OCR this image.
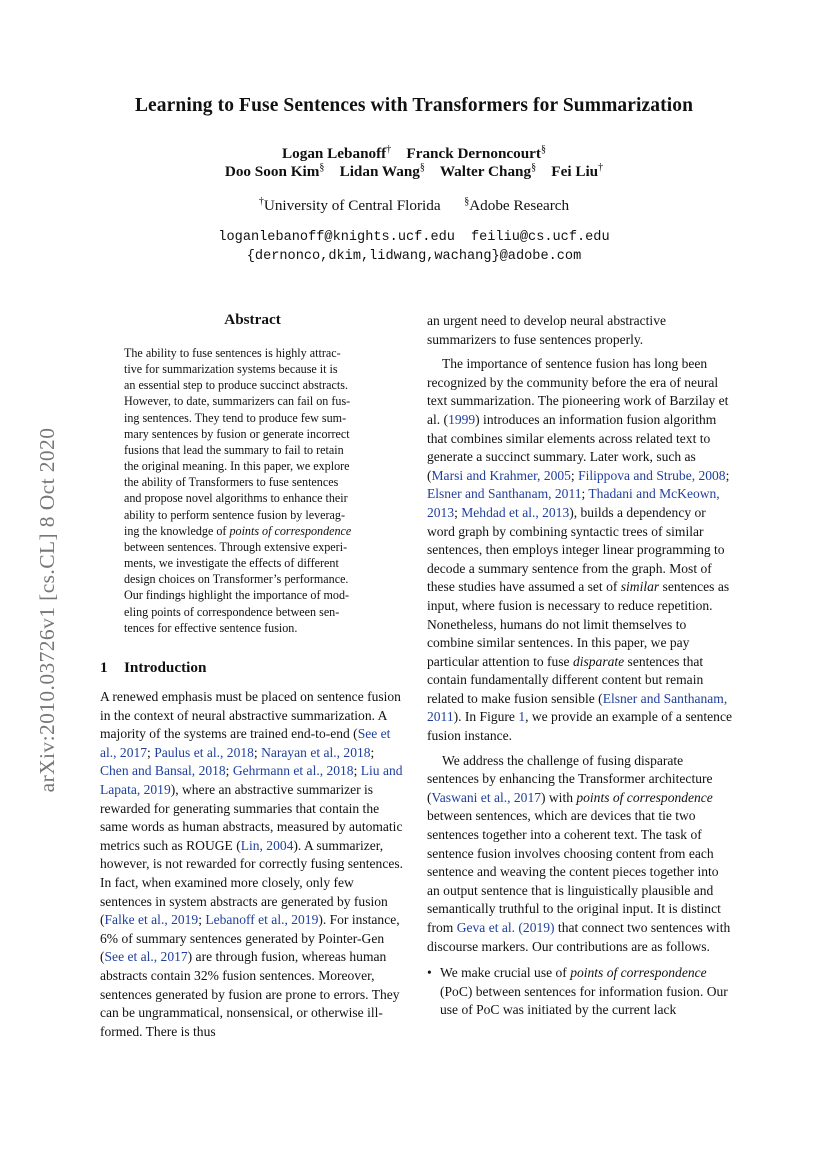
arXiv:2010.03726v1 [cs.CL] 8 Oct 2020
Learning to Fuse Sentences with Transformers for Summarization
Logan Lebanoff† Franck Dernoncourt§
Doo Soon Kim§ Lidan Wang§ Walter Chang§ Fei Liu†
†University of Central Florida §Adobe Research
loganlebanoff@knights.ucf.edu feiliu@cs.ucf.edu
{dernonco,dkim,lidwang,wachang}@adobe.com
Abstract

The ability to fuse sentences is highly attrac-

tive for summarization systems because it is

an essential step to produce succinct abstracts.

However, to date, summarizers can fail on fus-

ing sentences. They tend to produce few sum-

mary sentences by fusion or generate incorrect

fusions that lead the summary to fail to retain

the original meaning. In this paper, we explore

the ability of Transformers to fuse sentences

and propose novel algorithms to enhance their

ability to perform sentence fusion by leverag-

ing the knowledge of points of correspondence

between sentences. Through extensive experi-

ments, we investigate the effects of different

design choices on Transformer’s performance.

Our findings highlight the importance of mod-

eling points of correspondence between sen-

tences for effective sentence fusion.

1 Introduction

A renewed emphasis must be placed on sentence fusion in the context of neural abstractive summarization. A majority of the systems are trained end-to-end (See et al., 2017; Paulus et al., 2018; Narayan et al., 2018; Chen and Bansal, 2018; Gehrmann et al., 2018; Liu and Lapata, 2019), where an abstractive summarizer is rewarded for generating summaries that contain the same words as human abstracts, measured by automatic metrics such as ROUGE (Lin, 2004). A summarizer, however, is not rewarded for correctly fusing sentences. In fact, when examined more closely, only few sentences in system abstracts are generated by fusion (Falke et al., 2019; Lebanoff et al., 2019). For instance, 6% of summary sentences generated by Pointer-Gen (See et al., 2017) are through fusion, whereas human abstracts contain 32% fusion sentences. Moreover, sentences generated by fusion are prone to errors. They can be ungrammatical, nonsensical, or otherwise ill-formed. There is thus

an urgent need to develop neural abstractive summarizers to fuse sentences properly.

The importance of sentence fusion has long been recognized by the community before the era of neural text summarization. The pioneering work of Barzilay et al. (1999) introduces an information fusion algorithm that combines similar elements across related text to generate a succinct summary. Later work, such as (Marsi and Krahmer, 2005; Filippova and Strube, 2008; Elsner and Santhanam, 2011; Thadani and McKeown, 2013; Mehdad et al., 2013), builds a dependency or word graph by combining syntactic trees of similar sentences, then employs integer linear programming to decode a summary sentence from the graph. Most of these studies have assumed a set of similar sentences as input, where fusion is necessary to reduce repetition. Nonetheless, humans do not limit themselves to combine similar sentences. In this paper, we pay particular attention to fuse disparate sentences that contain fundamentally different content but remain related to make fusion sensible (Elsner and Santhanam, 2011). In Figure 1, we provide an example of a sentence fusion instance.

We address the challenge of fusing disparate sentences by enhancing the Transformer architecture (Vaswani et al., 2017) with points of correspondence between sentences, which are devices that tie two sentences together into a coherent text. The task of sentence fusion involves choosing content from each sentence and weaving the content pieces together into an output sentence that is linguistically plausible and semantically truthful to the original input. It is distinct from Geva et al. (2019) that connect two sentences with discourse markers. Our contributions are as follows.

• We make crucial use of points of correspondence (PoC) between sentences for information fusion. Our use of PoC was initiated by the current lack
